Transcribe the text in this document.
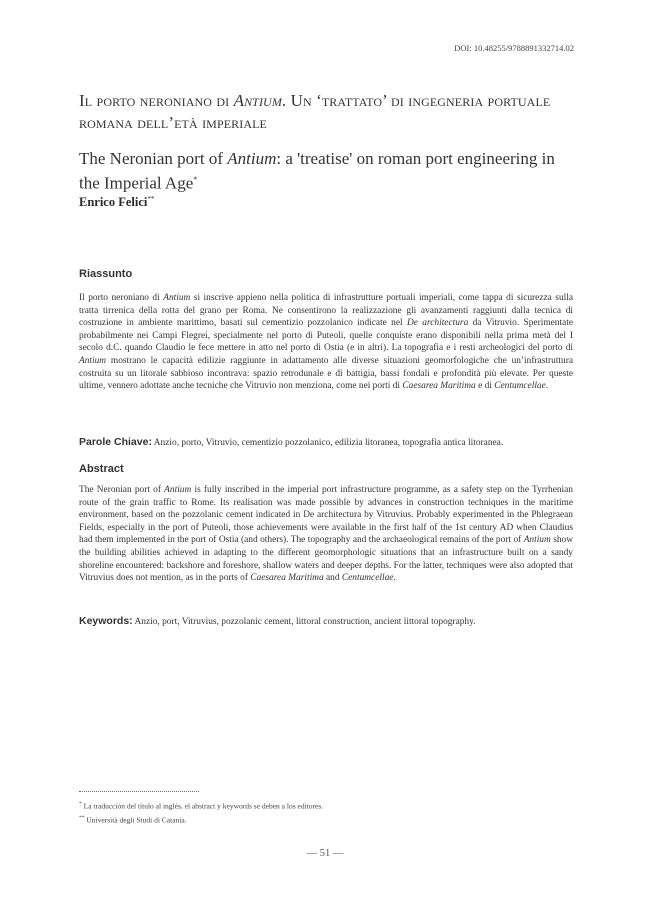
DOI: 10.48255/9788891332714.02
Il porto neroniano di Antium. Un ‘trattato’ di ingegneria portuale romana dell’età imperiale
The Neronian port of Antium: a 'treatise' on roman port engineering in the Imperial Age*
Enrico Felici**
Riassunto
Il porto neroniano di Antium si inscrive appieno nella politica di infrastrutture portuali imperiali, come tappa di sicurezza sulla tratta tirrenica della rotta del grano per Roma. Ne consentirono la realizzazione gli avanzamenti raggiunti dalla tecnica di costruzione in ambiente marittimo, basati sul cementizio pozzolanico indicate nel De architectura da Vitruvio. Sperimentate probabilmente nei Campi Flegrei, specialmente nel porto di Puteoli, quelle conquiste erano disponibili nella prima metà del I secolo d.C. quando Claudio le fece mettere in atto nel porto di Ostia (e in altri). La topografia e i resti archeologici del porto di Antium mostrano le capacità edilizie raggiunte in adattamento alle diverse situazioni geomorfologiche che un’infrastruttura costruita su un litorale sabbioso incontrava: spazio retrodunale e di battigia, bassi fondali e profondità più elevate. Per queste ultime, vennero adottate anche tecniche che Vitruvio non menziona, come nei porti di Caesarea Maritima e di Centumcellae.
Parole Chiave: Anzio, porto, Vitruvio, cementizio pozzolanico, edilizia litoranea, topografia antica litoranea.
Abstract
The Neronian port of Antium is fully inscribed in the imperial port infrastructure programme, as a safety step on the Tyrrhenian route of the grain traffic to Rome. Its realisation was made possible by advances in construction techniques in the maritime environment, based on the pozzolanic cement indicated in De architectura by Vitruvius. Probably experimented in the Phlegraean Fields, especially in the port of Puteoli, those achievements were available in the first half of the 1st century AD when Claudius had them implemented in the port of Ostia (and others). The topography and the archaeological remains of the port of Antium show the building abilities achieved in adapting to the different geomorphologic situations that an infrastructure built on a sandy shoreline encountered: backshore and foreshore, shallow waters and deeper depths. For the latter, techniques were also adopted that Vitruvius does not mention, as in the ports of Caesarea Maritima and Centumcellae.
Keywords: Anzio, port, Vitruvius, pozzolanic cement, littoral construction, ancient littoral topography.
* La traducción del título al inglés, el abstract y keywords se deben a los editores.
** Università degli Studi di Catania.
— 51 —
